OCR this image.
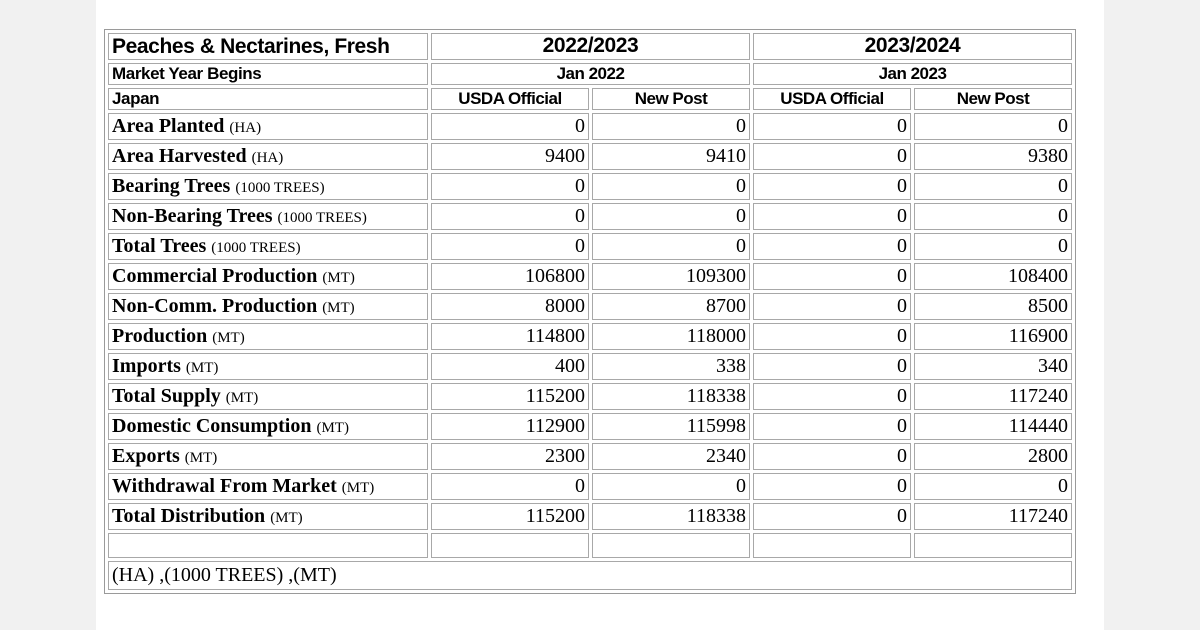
Peaches & Nectarines, Fresh	2022/2023		2023/2024	
Market Year Begins	Jan 2022		Jan 2023	
Japan	USDA Official	New Post	USDA Official	New Post
Area Planted (HA)	0	0	0	0
Area Harvested (HA)	9400	9410	0	9380
Bearing Trees (1000 TREES)	0	0	0	0
Non-Bearing Trees (1000 TREES)	0	0	0	0
Total Trees (1000 TREES)	0	0	0	0
Commercial Production (MT)	106800	109300	0	108400
Non-Comm. Production (MT)	8000	8700	0	8500
Production (MT)	114800	118000	0	116900
Imports (MT)	400	338	0	340
Total Supply (MT)	115200	118338	0	117240
Domestic Consumption (MT)	112900	115998	0	114440
Exports (MT)	2300	2340	0	2800
Withdrawal From Market (MT)	0	0	0	0
Total Distribution (MT)	115200	118338	0	117240

(HA) ,(1000 TREES) ,(MT)				
